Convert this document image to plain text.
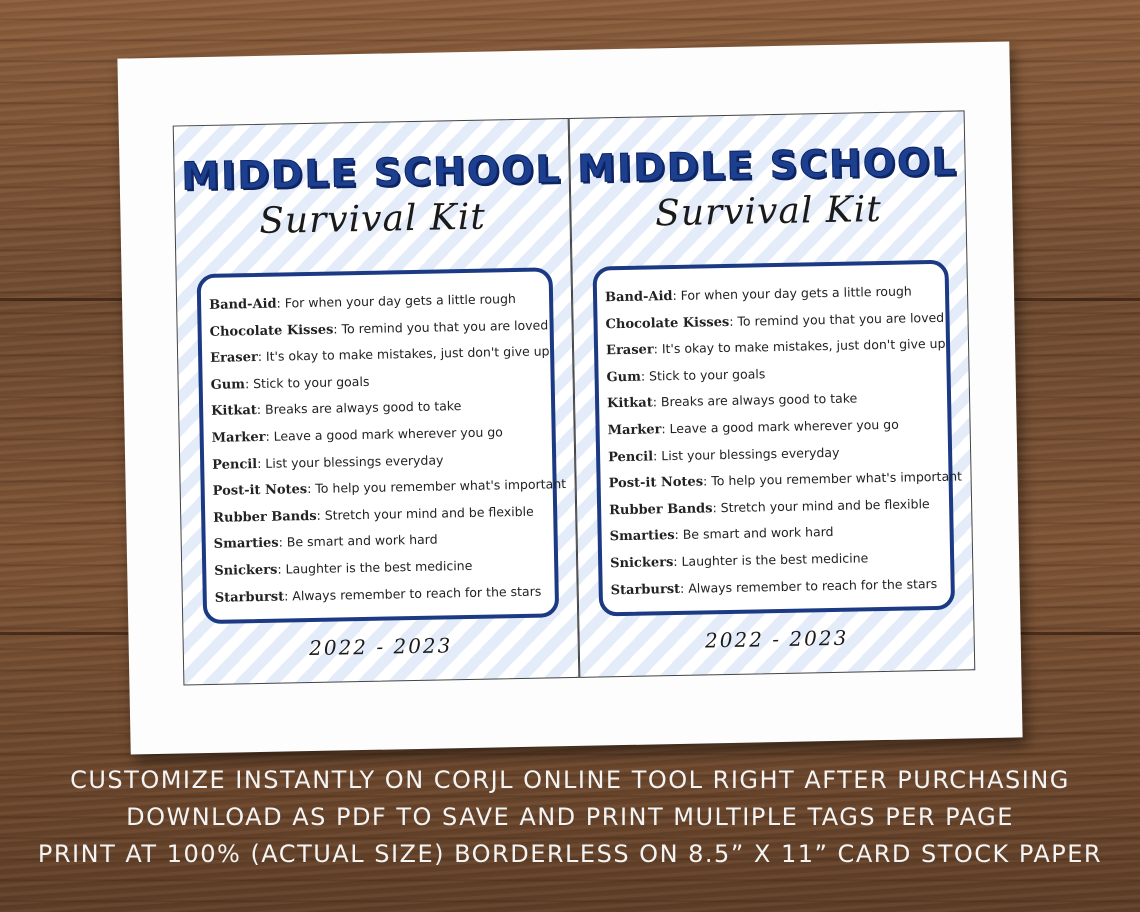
MIDDLE SCHOOL
Survival Kit
Band-Aid: For when your day gets a little rough
Chocolate Kisses: To remind you that you are loved
Eraser: It's okay to make mistakes, just don't give up
Gum: Stick to your goals
Kitkat: Breaks are always good to take
Marker: Leave a good mark wherever you go
Pencil: List your blessings everyday
Post-it Notes: To help you remember what's important
Rubber Bands: Stretch your mind and be flexible
Smarties: Be smart and work hard
Snickers: Laughter is the best medicine
Starburst: Always remember to reach for the stars
2022 - 2023
MIDDLE SCHOOL
Survival Kit
Band-Aid: For when your day gets a little rough
Chocolate Kisses: To remind you that you are loved
Eraser: It's okay to make mistakes, just don't give up
Gum: Stick to your goals
Kitkat: Breaks are always good to take
Marker: Leave a good mark wherever you go
Pencil: List your blessings everyday
Post-it Notes: To help you remember what's important
Rubber Bands: Stretch your mind and be flexible
Smarties: Be smart and work hard
Snickers: Laughter is the best medicine
Starburst: Always remember to reach for the stars
2022 - 2023
CUSTOMIZE INSTANTLY ON CORJL ONLINE TOOL RIGHT AFTER PURCHASING
DOWNLOAD AS PDF TO SAVE AND PRINT MULTIPLE TAGS PER PAGE
PRINT AT 100% (ACTUAL SIZE) BORDERLESS ON 8.5” X 11” CARD STOCK PAPER
